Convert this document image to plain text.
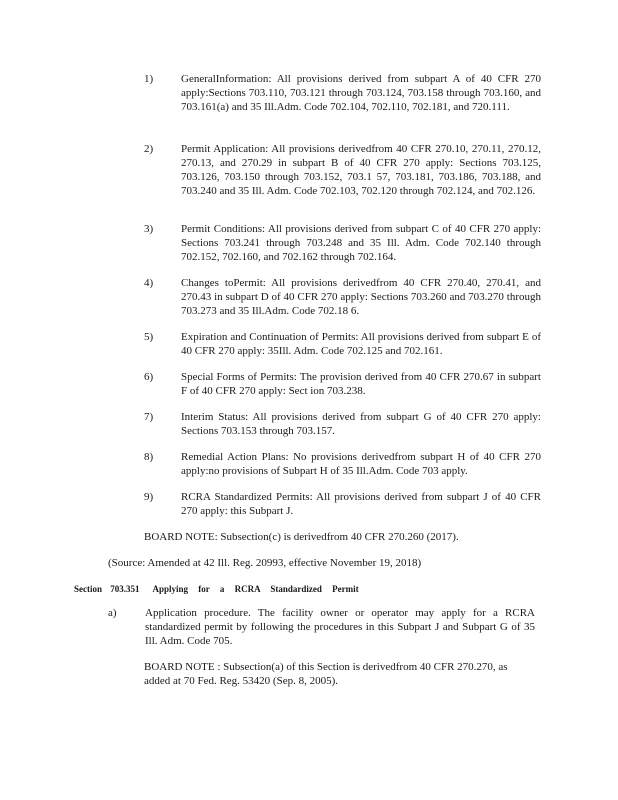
1)	GeneralInformation: All provisions derived from subpart A of 40 CFR 270 apply:Sections 703.110, 703.121 through 703.124, 703.158 through 703.160, and 703.161(a) and 35 Ill.Adm. Code 702.104, 702.110, 702.181, and 720.111.
2)	Permit Application: All provisions derivedfrom 40 CFR 270.10, 270.11, 270.12, 270.13, and 270.29 in subpart B of 40 CFR 270 apply: Sections 703.125, 703.126, 703.150 through 703.152, 703.1 57, 703.181, 703.186, 703.188, and 703.240 and 35 Ill. Adm. Code 702.103, 702.120 through 702.124, and 702.126.
3)	Permit Conditions: All provisions derived from subpart C of 40 CFR 270 apply: Sections 703.241 through 703.248 and 35 Ill. Adm. Code 702.140 through 702.152, 702.160, and 702.162 through 702.164.
4)	Changes toPermit: All provisions derivedfrom 40 CFR 270.40, 270.41, and 270.43 in subpart D of 40 CFR 270 apply: Sections 703.260 and 703.270 through 703.273 and 35 Ill.Adm. Code 702.18 6.
5)	Expiration and Continuation of Permits: All provisions derived from subpart E of 40 CFR 270 apply: 35Ill. Adm. Code 702.125 and 702.161.
6)	Special Forms of Permits: The provision derived from 40 CFR 270.67 in subpart F of 40 CFR 270 apply: Sect ion 703.238.
7)	Interim Status: All provisions derived from subpart G of 40 CFR 270 apply: Sections 703.153 through 703.157.
8)	Remedial Action Plans: No provisions derivedfrom subpart H of 40 CFR 270 apply:no provisions of Subpart H of 35 Ill.Adm. Code 703 apply.
9)	RCRA Standardized Permits: All provisions derived from subpart J of 40 CFR 270 apply: this Subpart J.
BOARD NOTE: Subsection(c) is derivedfrom 40 CFR 270.260 (2017).
(Source: Amended at 42 Ill. Reg. 20993, effective November 19, 2018)
Section 703.351 Applying for a RCRA Standardized Permit
a)	Application procedure. The facility owner or operator may apply for a RCRA standardized permit by following the procedures in this Subpart J and Subpart G of 35 Ill. Adm. Code 705.
BOARD NOTE : Subsection(a) of this Section is derivedfrom 40 CFR 270.270, as added at 70 Fed. Reg. 53420 (Sep. 8, 2005).
